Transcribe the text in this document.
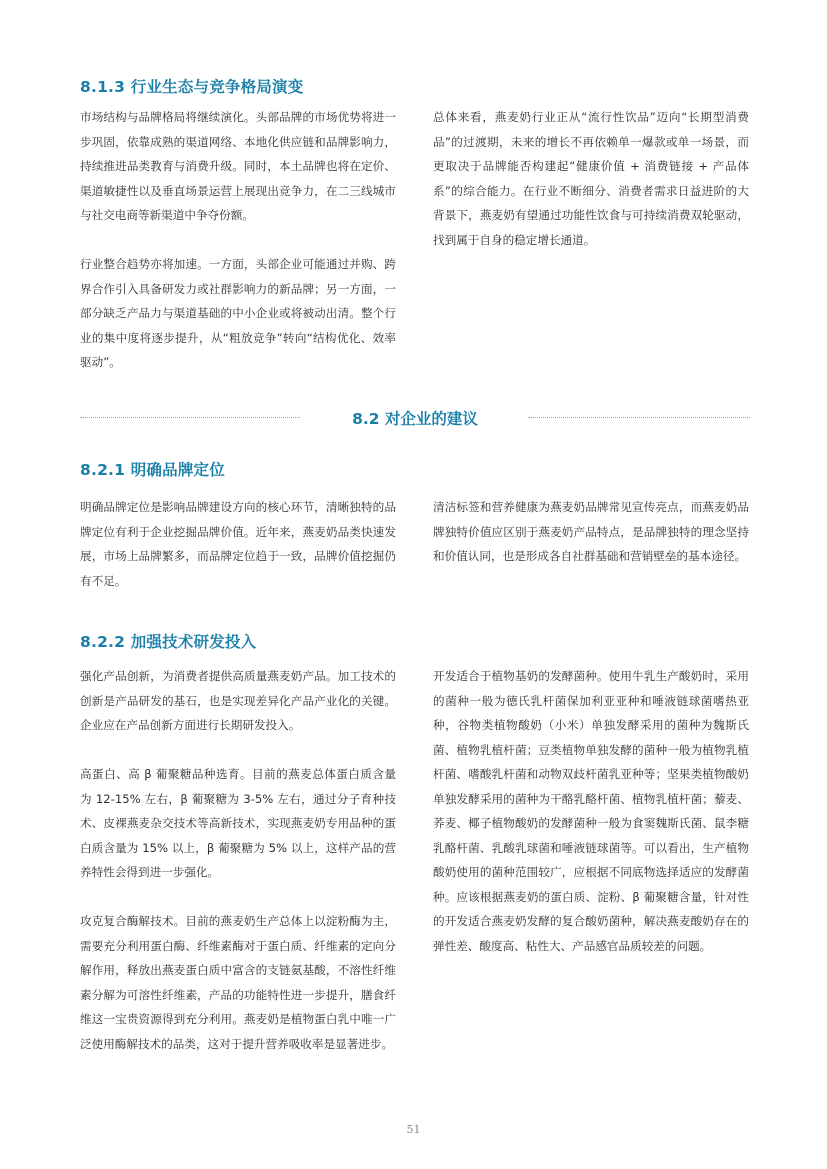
8.1.3 行业生态与竞争格局演变

市场结构与品牌格局将继续演化。头部品牌的市场优势将进一步巩固，依靠成熟的渠道网络、本地化供应链和品牌影响力，持续推进品类教育与消费升级。同时，本土品牌也将在定价、渠道敏捷性以及垂直场景运营上展现出竞争力，在二三线城市与社交电商等新渠道中争夺份额。

行业整合趋势亦将加速。一方面，头部企业可能通过并购、跨界合作引入具备研发力或社群影响力的新品牌；另一方面，一部分缺乏产品力与渠道基础的中小企业或将被动出清。整个行业的集中度将逐步提升，从“粗放竞争”转向“结构优化、效率驱动”。

总体来看，燕麦奶行业正从“流行性饮品”迈向“长期型消费品”的过渡期，未来的增长不再依赖单一爆款或单一场景，而更取决于品牌能否构建起“健康价值 + 消费链接 + 产品体系”的综合能力。在行业不断细分、消费者需求日益进阶的大背景下，燕麦奶有望通过功能性饮食与可持续消费双轮驱动，找到属于自身的稳定增长通道。

8.2 对企业的建议
8.2.1 明确品牌定位

明确品牌定位是影响品牌建设方向的核心环节，清晰独特的品牌定位有利于企业挖掘品牌价值。近年来，燕麦奶品类快速发展，市场上品牌繁多，而品牌定位趋于一致，品牌价值挖掘仍有不足。

清洁标签和营养健康为燕麦奶品牌常见宣传亮点，而燕麦奶品牌独特价值应区别于燕麦奶产品特点，是品牌独特的理念坚持和价值认同，也是形成各自社群基础和营销壁垒的基本途径。

8.2.2 加强技术研发投入

强化产品创新，为消费者提供高质量燕麦奶产品。加工技术的创新是产品研发的基石，也是实现差异化产品产业化的关键。企业应在产品创新方面进行长期研发投入。

高蛋白、高 β 葡聚糖品种选育。目前的燕麦总体蛋白质含量为 12-15% 左右，β 葡聚糖为 3-5% 左右，通过分子育种技术、皮裸燕麦杂交技术等高新技术，实现燕麦奶专用品种的蛋白质含量为 15% 以上，β 葡聚糖为 5% 以上，这样产品的营养特性会得到进一步强化。

攻克复合酶解技术。目前的燕麦奶生产总体上以淀粉酶为主，需要充分利用蛋白酶、纤维素酶对于蛋白质、纤维素的定向分解作用，释放出燕麦蛋白质中富含的支链氨基酸，不溶性纤维素分解为可溶性纤维素，产品的功能特性进一步提升，膳食纤维这一宝贵资源得到充分利用。燕麦奶是植物蛋白乳中唯一广泛使用酶解技术的品类，这对于提升营养吸收率是显著进步。

开发适合于植物基奶的发酵菌种。使用牛乳生产酸奶时，采用的菌种一般为德氏乳杆菌保加利亚亚种和唾液链球菌嗜热亚种，谷物类植物酸奶（小米）单独发酵采用的菌种为魏斯氏菌、植物乳植杆菌；豆类植物单独发酵的菌种一般为植物乳植杆菌、嗜酸乳杆菌和动物双歧杆菌乳亚种等；坚果类植物酸奶单独发酵采用的菌种为干酪乳酪杆菌、植物乳植杆菌；藜麦、荞麦、椰子植物酸奶的发酵菌种一般为食窦魏斯氏菌、鼠李糖乳酪杆菌、乳酸乳球菌和唾液链球菌等。可以看出，生产植物酸奶使用的菌种范围较广，应根据不同底物选择适应的发酵菌种。应该根据燕麦奶的蛋白质、淀粉、β 葡聚糖含量，针对性的开发适合燕麦奶发酵的复合酸奶菌种，解决燕麦酸奶存在的弹性差、酸度高、粘性大、产品感官品质较差的问题。

51
